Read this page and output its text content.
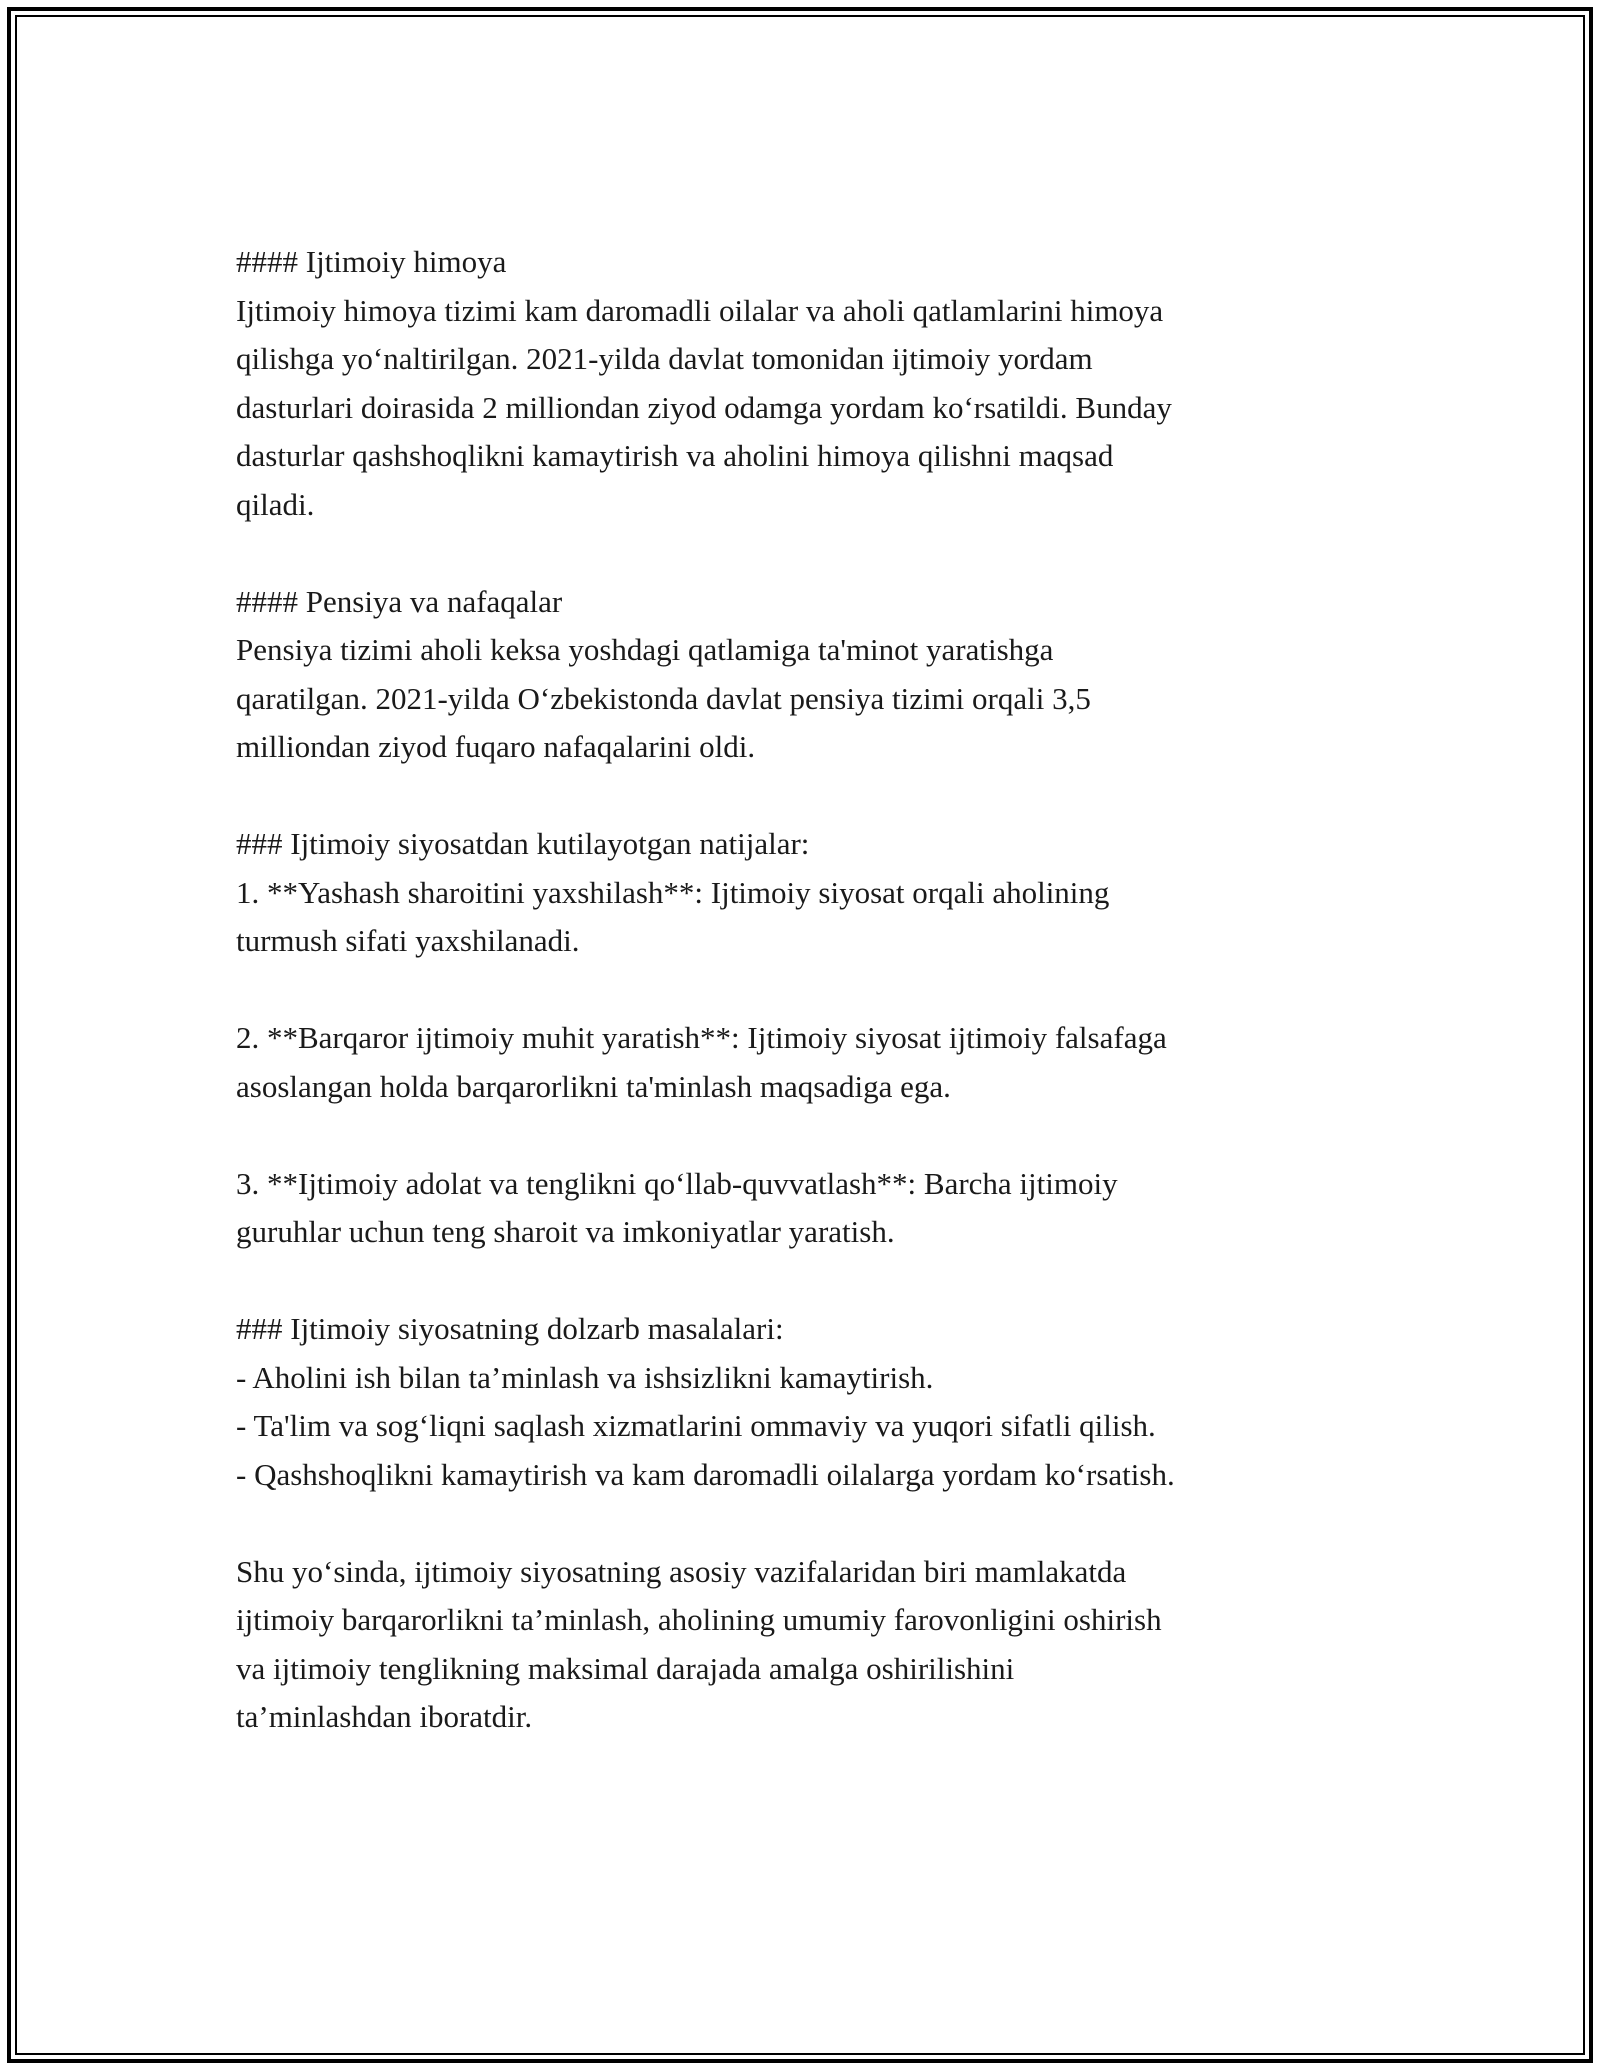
#### Ijtimoiy himoya
Ijtimoiy himoya tizimi kam daromadli oilalar va aholi qatlamlarini himoya
qilishga yo‘naltirilgan. 2021-yilda davlat tomonidan ijtimoiy yordam
dasturlari doirasida 2 milliondan ziyod odamga yordam ko‘rsatildi. Bunday
dasturlar qashshoqlikni kamaytirish va aholini himoya qilishni maqsad
qiladi.
#### Pensiya va nafaqalar
Pensiya tizimi aholi keksa yoshdagi qatlamiga ta'minot yaratishga
qaratilgan. 2021-yilda O‘zbekistonda davlat pensiya tizimi orqali 3,5
milliondan ziyod fuqaro nafaqalarini oldi.
### Ijtimoiy siyosatdan kutilayotgan natijalar:
1. **Yashash sharoitini yaxshilash**: Ijtimoiy siyosat orqali aholining
turmush sifati yaxshilanadi.
2. **Barqaror ijtimoiy muhit yaratish**: Ijtimoiy siyosat ijtimoiy falsafaga
asoslangan holda barqarorlikni ta'minlash maqsadiga ega.
3. **Ijtimoiy adolat va tenglikni qo‘llab-quvvatlash**: Barcha ijtimoiy
guruhlar uchun teng sharoit va imkoniyatlar yaratish.
### Ijtimoiy siyosatning dolzarb masalalari:
- Aholini ish bilan ta’minlash va ishsizlikni kamaytirish.
- Ta'lim va sog‘liqni saqlash xizmatlarini ommaviy va yuqori sifatli qilish.
- Qashshoqlikni kamaytirish va kam daromadli oilalarga yordam ko‘rsatish.
Shu yo‘sinda, ijtimoiy siyosatning asosiy vazifalaridan biri mamlakatda
ijtimoiy barqarorlikni ta’minlash, aholining umumiy farovonligini oshirish
va ijtimoiy tenglikning maksimal darajada amalga oshirilishini
ta’minlashdan iboratdir.
